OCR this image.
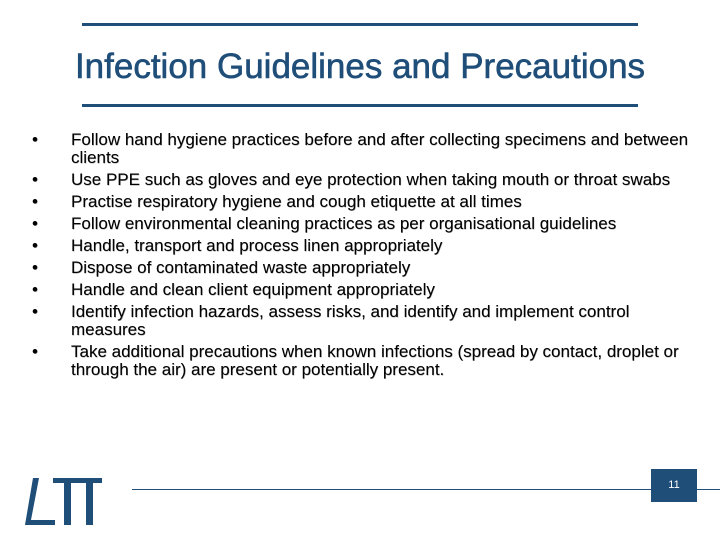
Infection Guidelines and Precautions
• Follow hand hygiene practices before and after collecting specimens and between clients
• Use PPE such as gloves and eye protection when taking mouth or throat swabs
• Practise respiratory hygiene and cough etiquette at all times
• Follow environmental cleaning practices as per organisational guidelines
• Handle, transport and process linen appropriately
• Dispose of contaminated waste appropriately
• Handle and clean client equipment appropriately
• Identify infection hazards, assess risks, and identify and implement control measures
• Take additional precautions when known infections (spread by contact, droplet or through the air) are present or potentially present.
11
